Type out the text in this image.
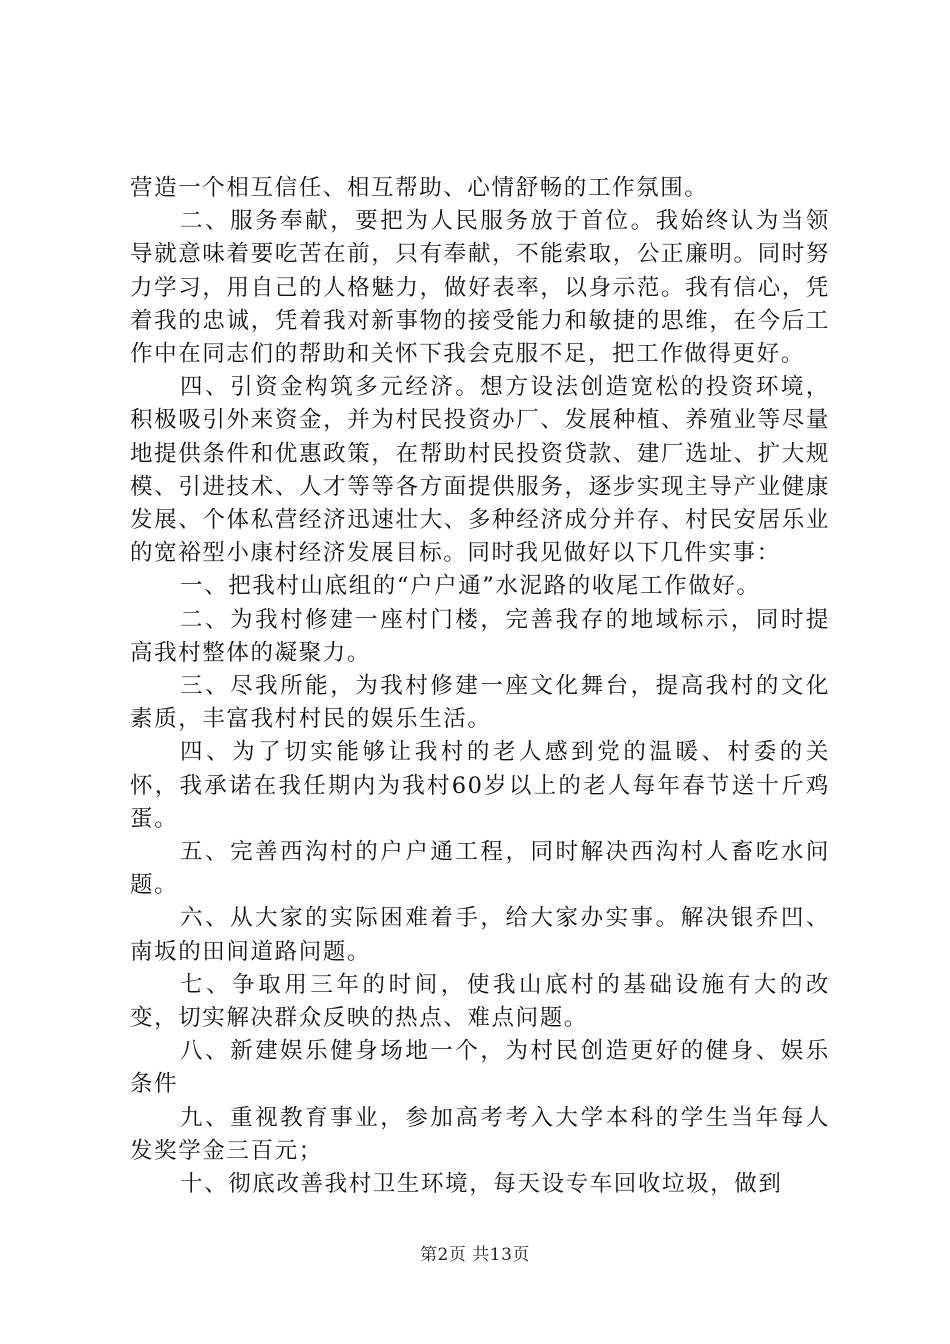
营造一个相互信任、相互帮助、心情舒畅的工作氛围。

二、服务奉献，要把为人民服务放于首位。我始终认为当领导就意味着要吃苦在前，只有奉献，不能索取，公正廉明。同时努力学习，用自己的人格魅力，做好表率，以身示范。我有信心，凭着我的忠诚，凭着我对新事物的接受能力和敏捷的思维，在今后工作中在同志们的帮助和关怀下我会克服不足，把工作做得更好。

四、引资金构筑多元经济。想方设法创造宽松的投资环境，积极吸引外来资金，并为村民投资办厂、发展种植、养殖业等尽量地提供条件和优惠政策，在帮助村民投资贷款、建厂选址、扩大规模、引进技术、人才等等各方面提供服务，逐步实现主导产业健康发展、个体私营经济迅速壮大、多种经济成分并存、村民安居乐业的宽裕型小康村经济发展目标。同时我见做好以下几件实事：

一、把我村山底组的“户户通”水泥路的收尾工作做好。

二、为我村修建一座村门楼，完善我存的地域标示，同时提高我村整体的凝聚力。

三、尽我所能，为我村修建一座文化舞台，提高我村的文化素质，丰富我村村民的娱乐生活。

四、为了切实能够让我村的老人感到党的温暖、村委的关怀，我承诺在我任期内为我村60岁以上的老人每年春节送十斤鸡蛋。

五、完善西沟村的户户通工程，同时解决西沟村人畜吃水问题。

六、从大家的实际困难着手，给大家办实事。解决银乔凹、南坂的田间道路问题。

七、争取用三年的时间，使我山底村的基础设施有大的改变，切实解决群众反映的热点、难点问题。

八、新建娱乐健身场地一个，为村民创造更好的健身、娱乐条件

九、重视教育事业，参加高考考入大学本科的学生当年每人发奖学金三百元；

十、彻底改善我村卫生环境，每天设专车回收垃圾，做到

第2页 共13页
